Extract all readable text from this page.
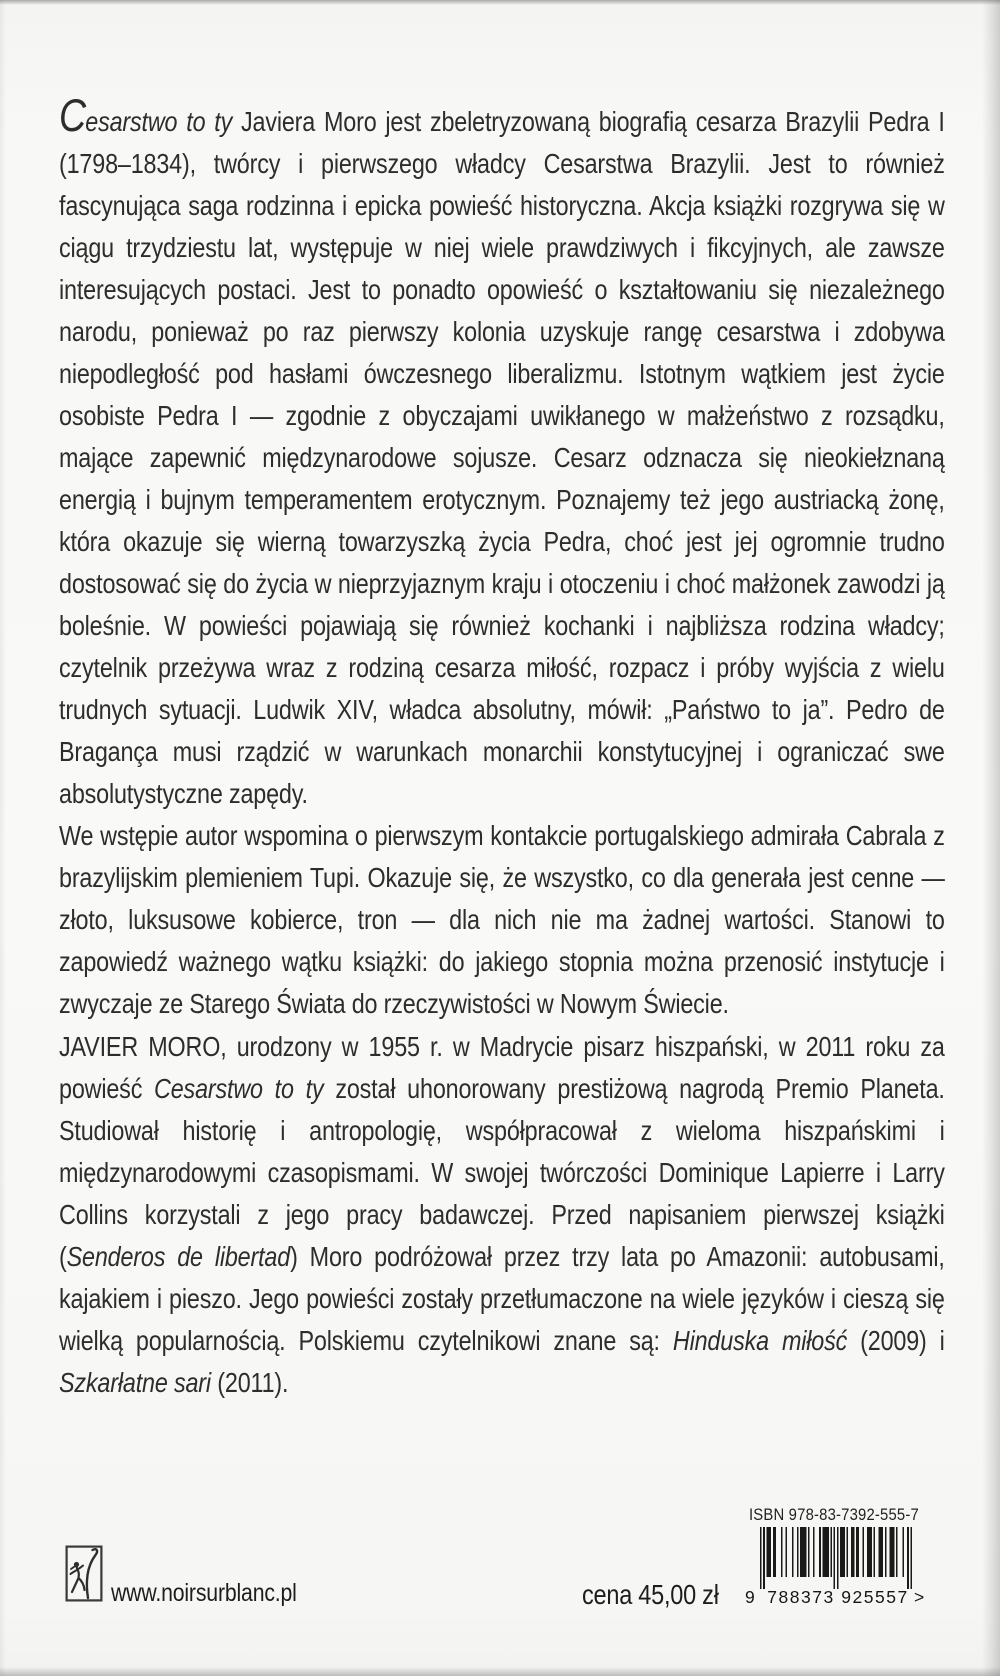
Cesarstwo to ty Javiera Moro jest zbeletryzowaną biografią cesarza Brazylii Pedra I (1798–1834), twórcy i pierwszego władcy Cesarstwa Brazylii. Jest to również fascynująca saga rodzinna i epicka powieść historyczna. Akcja książki rozgrywa się w ciągu trzydziestu lat, występuje w niej wiele prawdziwych i fikcyjnych, ale zawsze interesujących postaci. Jest to ponadto opowieść o kształtowaniu się niezależnego narodu, ponieważ po raz pierwszy kolonia uzyskuje rangę cesarstwa i zdobywa niepodległość pod hasłami ówczesnego liberalizmu. Istotnym wątkiem jest życie osobiste Pedra I — zgodnie z obyczajami uwikłanego w małżeństwo z rozsądku, mające zapewnić międzynarodowe sojusze. Cesarz odznacza się nieokiełznaną energią i bujnym temperamentem erotycznym. Poznajemy też jego austriacką żonę, która okazuje się wierną towarzyszką życia Pedra, choć jest jej ogromnie trudno dostosować się do życia w nieprzyjaznym kraju i otoczeniu i choć małżonek zawodzi ją boleśnie. W powieści pojawiają się również kochanki i najbliższa rodzina władcy; czytelnik przeżywa wraz z rodziną cesarza miłość, rozpacz i próby wyjścia z wielu trudnych sytuacji. Ludwik XIV, władca absolutny, mówił: „Państwo to ja”. Pedro de Bragança musi rządzić w warunkach monarchii konstytucyjnej i ograniczać swe absolutystyczne zapędy.

We wstępie autor wspomina o pierwszym kontakcie portugalskiego admirała Cabrala z brazylijskim plemieniem Tupi. Okazuje się, że wszystko, co dla generała jest cenne — złoto, luksusowe kobierce, tron — dla nich nie ma żadnej wartości. Stanowi to zapowiedź ważnego wątku książki: do jakiego stopnia można przenosić instytucje i zwyczaje ze Starego Świata do rzeczywistości w Nowym Świecie.

JAVIER MORO, urodzony w 1955 r. w Madrycie pisarz hiszpański, w 2011 roku za powieść Cesarstwo to ty został uhonorowany prestiżową nagrodą Premio Planeta. Studiował historię i antropologię, współpracował z wieloma hiszpańskimi i międzynarodowymi czasopismami. W swojej twórczości Dominique Lapierre i Larry Collins korzystali z jego pracy badawczej. Przed napisaniem pierwszej książki (Senderos de libertad) Moro podróżował przez trzy lata po Amazonii: autobusami, kajakiem i pieszo. Jego powieści zostały przetłumaczone na wiele języków i cieszą się wielką popularnością. Polskiemu czytelnikowi znane są: Hinduska miłość (2009) i Szkarłatne sari (2011).

www.noirsurblanc.pl	cena 45,00 zł
ISBN 978-83-7392-555-7
9 788373 925557 >
